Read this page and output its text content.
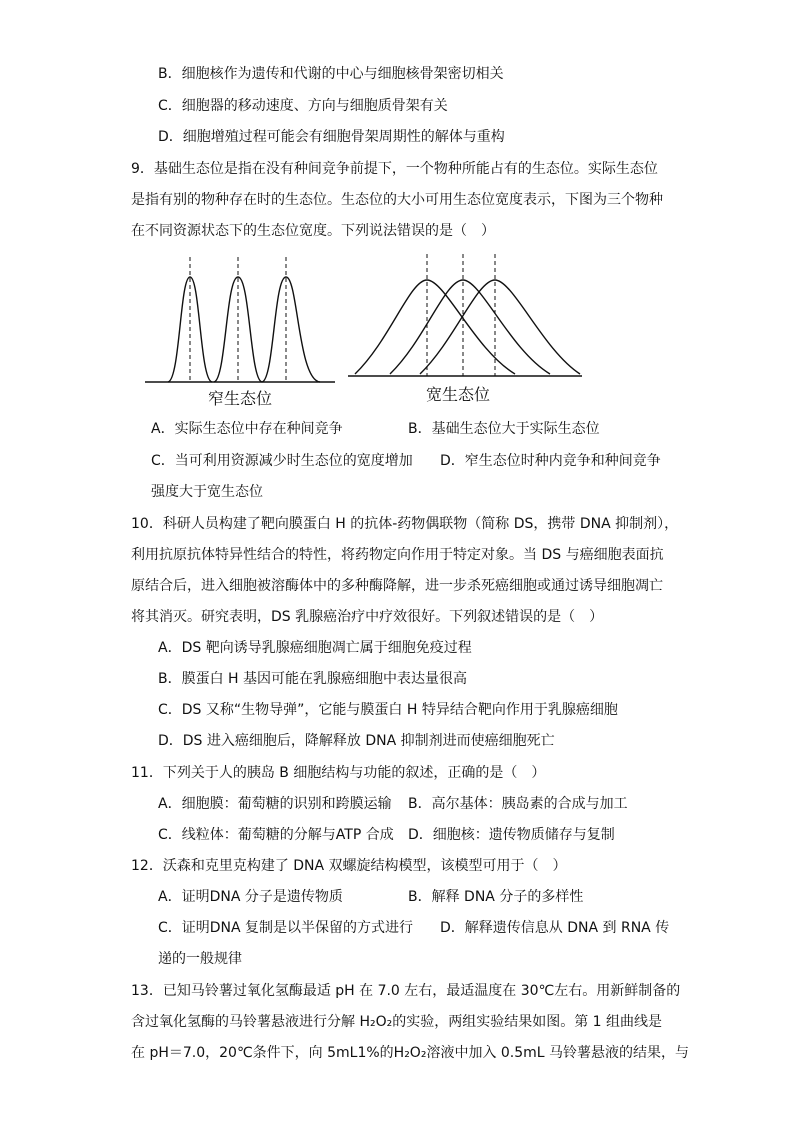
B．细胞核作为遗传和代谢的中心与细胞核骨架密切相关
C．细胞器的移动速度、方向与细胞质骨架有关
D．细胞增殖过程可能会有细胞骨架周期性的解体与重构
9．基础生态位是指在没有种间竞争前提下，一个物种所能占有的生态位。实际生态位
是指有别的物种存在时的生态位。生态位的大小可用生态位宽度表示，下图为三个物种
在不同资源状态下的生态位宽度。下列说法错误的是（　）
窄生态位	宽生态位
A．实际生态位中存在种间竞争	B．基础生态位大于实际生态位
C．当可利用资源减少时生态位的宽度增加 D．窄生态位时种内竞争和种间竞争
强度大于宽生态位
10．科研人员构建了靶向膜蛋白 H 的抗体-药物偶联物（简称 DS，携带 DNA 抑制剂），
利用抗原抗体特异性结合的特性，将药物定向作用于特定对象。当 DS 与癌细胞表面抗
原结合后，进入细胞被溶酶体中的多种酶降解，进一步杀死癌细胞或通过诱导细胞凋亡
将其消灭。研究表明，DS 乳腺癌治疗中疗效很好。下列叙述错误的是（　）
A．DS 靶向诱导乳腺癌细胞凋亡属于细胞免疫过程
B．膜蛋白 H 基因可能在乳腺癌细胞中表达量很高
C．DS 又称“生物导弹”，它能与膜蛋白 H 特异结合靶向作用于乳腺癌细胞
D．DS 进入癌细胞后，降解释放 DNA 抑制剂进而使癌细胞死亡
11．下列关于人的胰岛 B 细胞结构与功能的叙述，正确的是（　）
A．细胞膜：葡萄糖的识别和跨膜运输 B．高尔基体：胰岛素的合成与加工
C．线粒体：葡萄糖的分解与ATP 合成 D．细胞核：遗传物质储存与复制
12．沃森和克里克构建了 DNA 双螺旋结构模型，该模型可用于（　）
A．证明DNA 分子是遗传物质	B．解释 DNA 分子的多样性
C．证明DNA 复制是以半保留的方式进行 D．解释遗传信息从 DNA 到 RNA 传
递的一般规律
13．已知马铃薯过氧化氢酶最适 pH 在 7.0 左右，最适温度在 30℃左右。用新鲜制备的
含过氧化氢酶的马铃薯悬液进行分解 H₂O₂的实验，两组实验结果如图。第 1 组曲线是
在 pH＝7.0，20℃条件下，向 5mL1%的H₂O₂溶液中加入 0.5mL 马铃薯悬液的结果，与
